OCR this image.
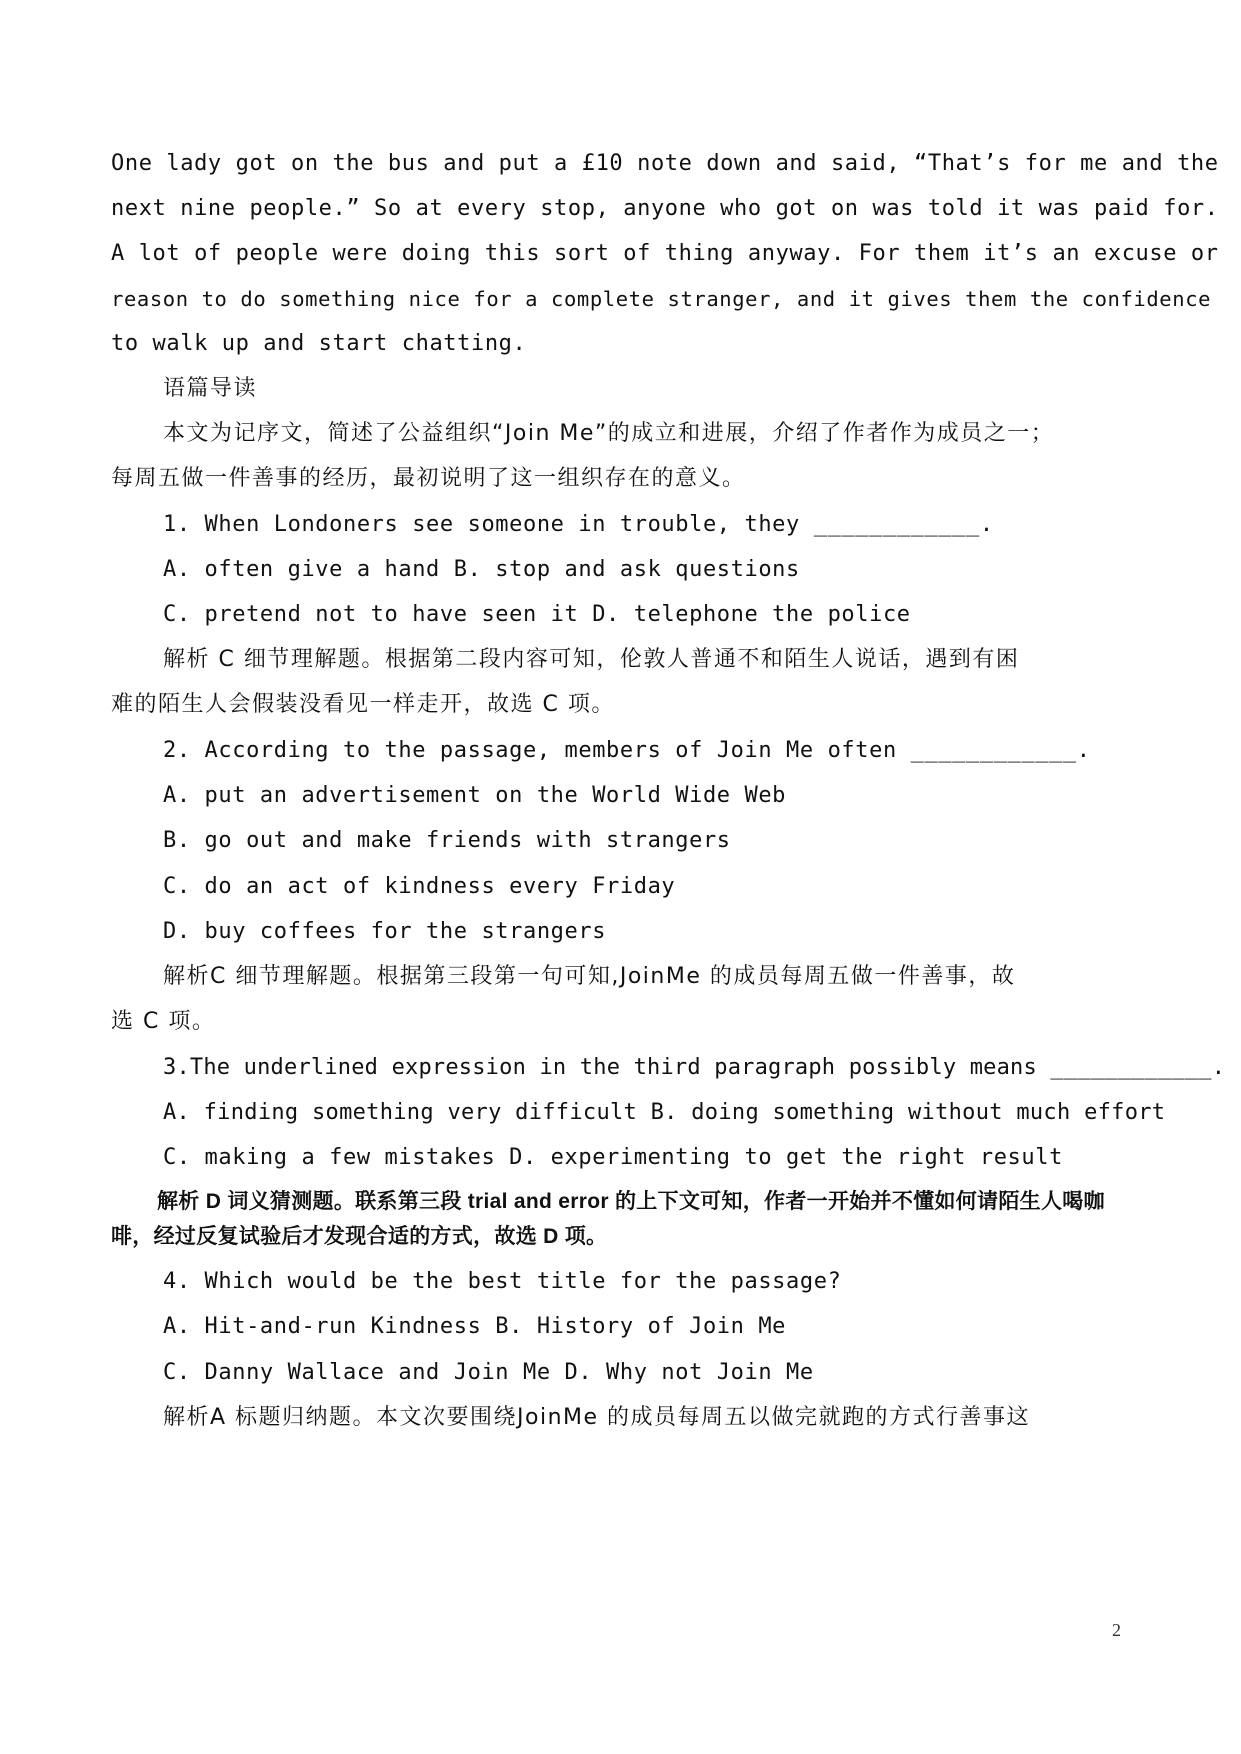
One lady got on the bus and put a £10 note down and said, “That’s for me and the
next nine people.” So at every stop, anyone who got on was told it was paid for.
A lot of people were doing this sort of thing anyway. For them it’s an excuse or
reason to do something nice for a complete stranger, and it gives them the confidence
to walk up and start chatting.
语篇导读
本文为记序文，简述了公益组织“Join Me”的成立和进展，介绍了作者作为成员之一；
每周五做一件善事的经历，最初说明了这一组织存在的意义。
1. When Londoners see someone in trouble, they ____________.
A. often give a hand B. stop and ask questions
C. pretend not to have seen it D. telephone the police
解析 C 细节理解题。根据第二段内容可知，伦敦人普通不和陌生人说话，遇到有困
难的陌生人会假装没看见一样走开，故选 C 项。
2. According to the passage, members of Join Me often ____________.
A. put an advertisement on the World Wide Web
B. go out and make friends with strangers
C. do an act of kindness every Friday
D. buy coffees for the strangers
解析C 细节理解题。根据第三段第一句可知,JoinMe 的成员每周五做一件善事，故
选 C 项。
3.The underlined expression in the third paragraph possibly means ____________.
A. finding something very difficult B. doing something without much effort
C. making a few mistakes D. experimenting to get the right result
解析 D 词义猜测题。联系第三段 trial and error 的上下文可知，作者一开始并不懂如何请陌生人喝咖
啡，经过反复试验后才发现合适的方式，故选 D 项。
4. Which would be the best title for the passage?
A. Hit-and-run Kindness B. History of Join Me
C. Danny Wallace and Join Me D. Why not Join Me
解析A 标题归纳题。本文次要围绕JoinMe 的成员每周五以做完就跑的方式行善事这
2
